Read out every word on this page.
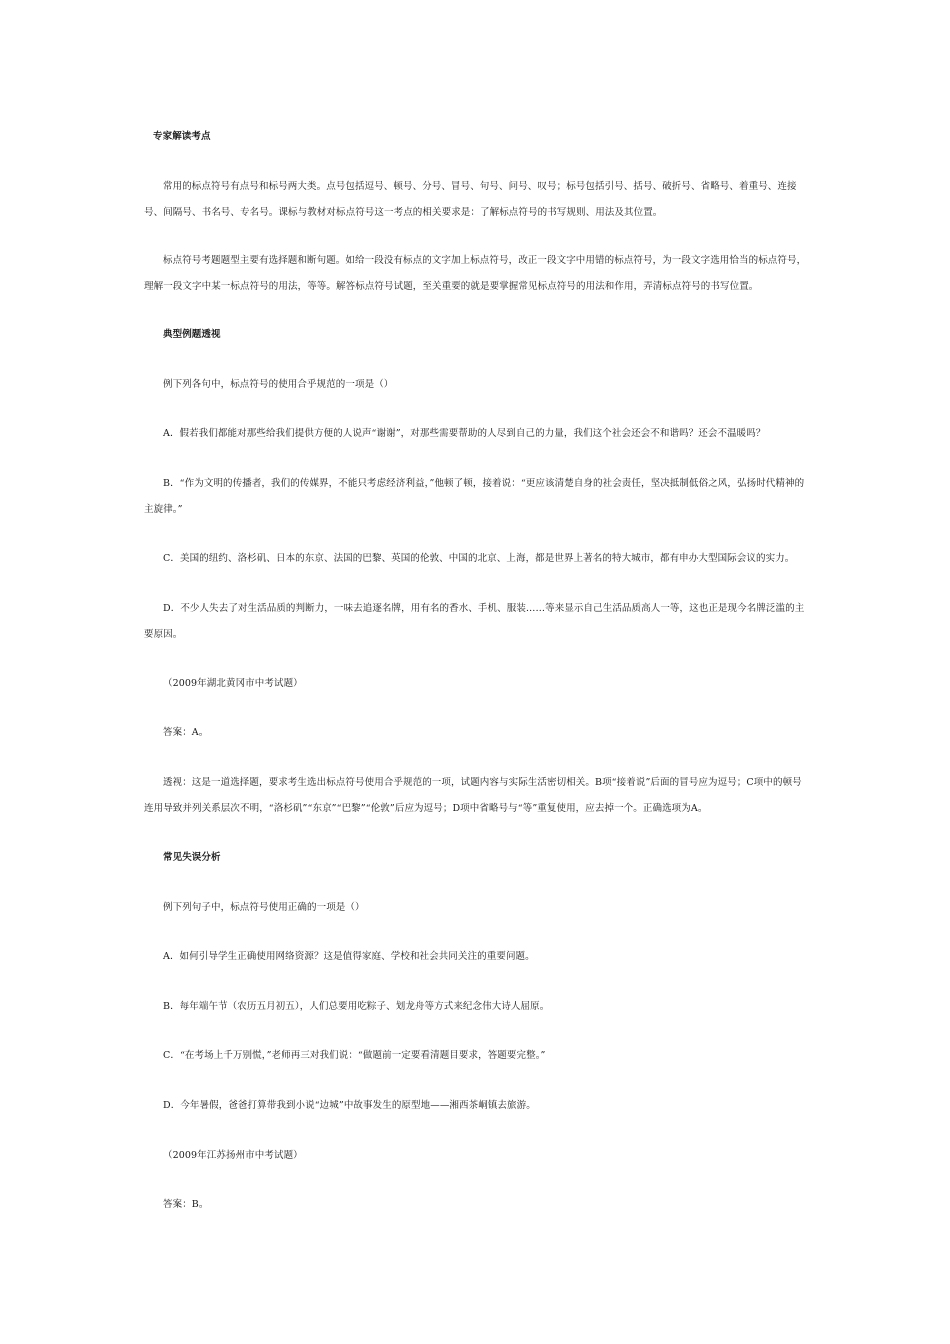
专家解读考点
常用的标点符号有点号和标号两大类。点号包括逗号、顿号、分号、冒号、句号、问号、叹号；标号包括引号、括号、破折号、省略号、着重号、连接号、间隔号、书名号、专名号。课标与教材对标点符号这一考点的相关要求是：了解标点符号的书写规则、用法及其位置。
标点符号考题题型主要有选择题和断句题。如给一段没有标点的文字加上标点符号，改正一段文字中用错的标点符号，为一段文字选用恰当的标点符号，理解一段文字中某一标点符号的用法，等等。解答标点符号试题，至关重要的就是要掌握常见标点符号的用法和作用，弄清标点符号的书写位置。
典型例题透视
例下列各句中，标点符号的使用合乎规范的一项是（）
A．假若我们都能对那些给我们提供方便的人说声“谢谢”，对那些需要帮助的人尽到自己的力量，我们这个社会还会不和谐吗？还会不温暖吗？
B．“作为文明的传播者，我们的传媒界，不能只考虑经济利益，”他顿了顿，接着说：“更应该清楚自身的社会责任，坚决抵制低俗之风，弘扬时代精神的主旋律。”
C．美国的纽约、洛杉矶、日本的东京、法国的巴黎、英国的伦敦、中国的北京、上海，都是世界上著名的特大城市，都有申办大型国际会议的实力。
D．不少人失去了对生活品质的判断力，一味去追逐名牌，用有名的香水、手机、服装……等来显示自己生活品质高人一等，这也正是现今名牌泛滥的主要原因。
（2009年湖北黄冈市中考试题）
答案：A。
透视：这是一道选择题，要求考生选出标点符号使用合乎规范的一项，试题内容与实际生活密切相关。B项“接着说”后面的冒号应为逗号；C项中的顿号连用导致并列关系层次不明，“洛杉矶”“东京”“巴黎”“伦敦”后应为逗号；D项中省略号与“等”重复使用，应去掉一个。正确选项为A。
常见失误分析
例下列句子中，标点符号使用正确的一项是（）
A．如何引导学生正确使用网络资源？这是值得家庭、学校和社会共同关注的重要问题。
B．每年端午节（农历五月初五），人们总要用吃粽子、划龙舟等方式来纪念伟大诗人屈原。
C．“在考场上千万别慌，”老师再三对我们说：“做题前一定要看清题目要求，答题要完整。”
D．今年暑假，爸爸打算带我到小说“边城”中故事发生的原型地——湘西茶峒镇去旅游。
（2009年江苏扬州市中考试题）
答案：B。
